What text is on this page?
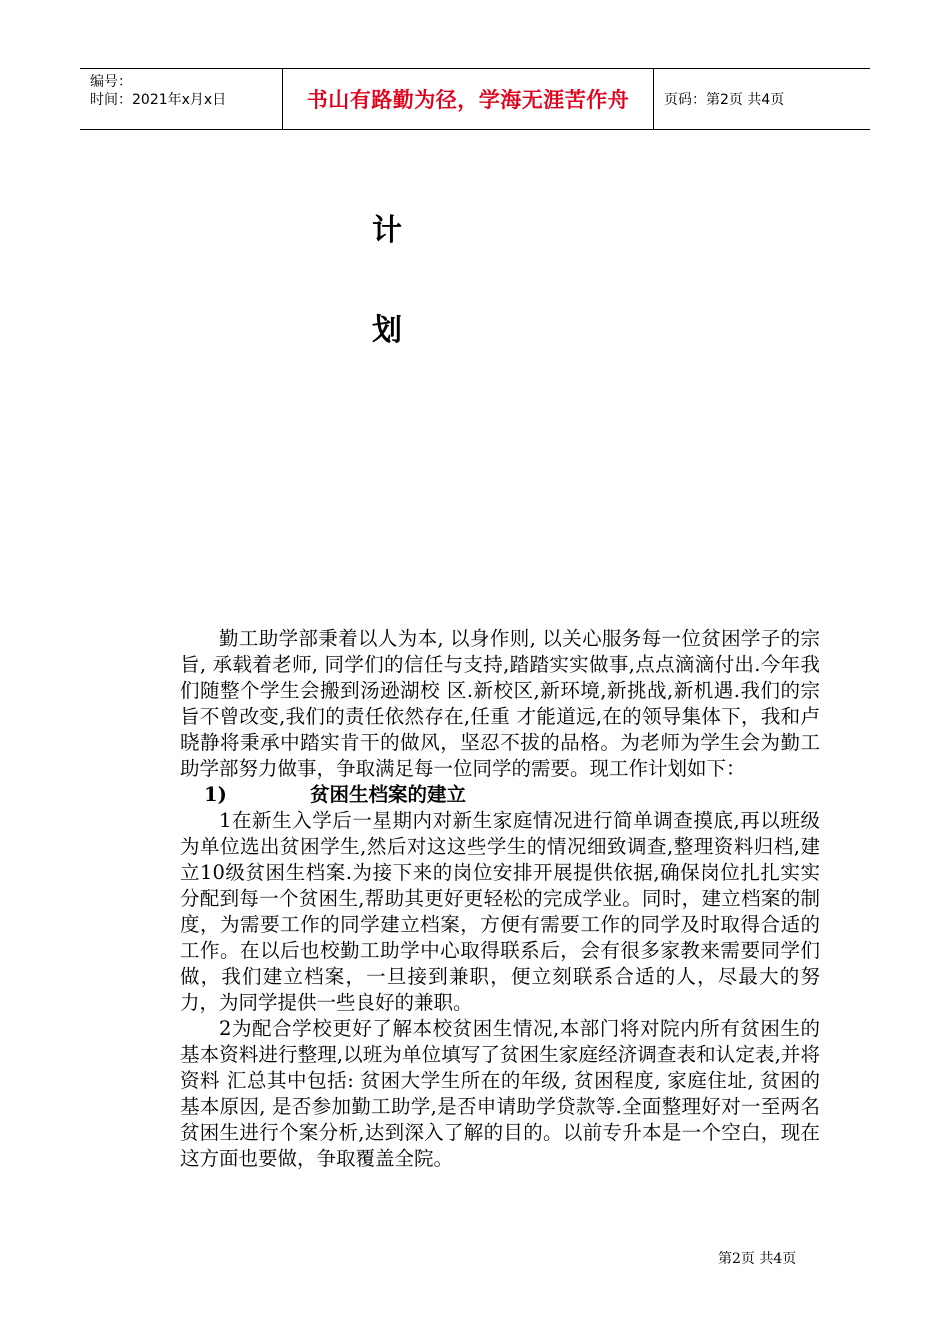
编号：
时间：2021年x月x日	书山有路勤为径，学海无涯苦作舟 页码：第2页 共4页
计
划

勤工助学部秉着以人为本, 以身作则, 以关心服务每一位贫困学子的宗旨, 承载着老师, 同学们的信任与支持,踏踏实实做事,点点滴滴付出.今年我们随整个学生会搬到汤逊湖校 区.新校区,新环境,新挑战,新机遇.我们的宗旨不曾改变,我们的责任依然存在,任重 才能道远,在的领导集体下，我和卢晓静将秉承中踏实肯干的做风，坚忍不拔的品格。为老师为学生会为勤工助学部努力做事，争取满足每一位同学的需要。现工作计划如下：

1)	贫困生档案的建立

1在新生入学后一星期内对新生家庭情况进行简单调查摸底,再以班级为单位选出贫困学生,然后对这这些学生的情况细致调查,整理资料归档,建立10级贫困生档案.为接下来的岗位安排开展提供依据,确保岗位扎扎实实分配到每一个贫困生,帮助其更好更轻松的完成学业。同时，建立档案的制度，为需要工作的同学建立档案，方便有需要工作的同学及时取得合适的工作。在以后也校勤工助学中心取得联系后，会有很多家教来需要同学们做，我们建立档案，一旦接到兼职，便立刻联系合适的人，尽最大的努力，为同学提供一些良好的兼职。

2为配合学校更好了解本校贫困生情况,本部门将对院内所有贫困生的基本资料进行整理,以班为单位填写了贫困生家庭经济调查表和认定表,并将资料 汇总其中包括: 贫困大学生所在的年级, 贫困程度, 家庭住址, 贫困的基本原因, 是否参加勤工助学,是否申请助学贷款等.全面整理好对一至两名贫困生进行个案分析,达到深入了解的目的。以前专升本是一个空白，现在这方面也要做，争取覆盖全院。

第2页 共4页
